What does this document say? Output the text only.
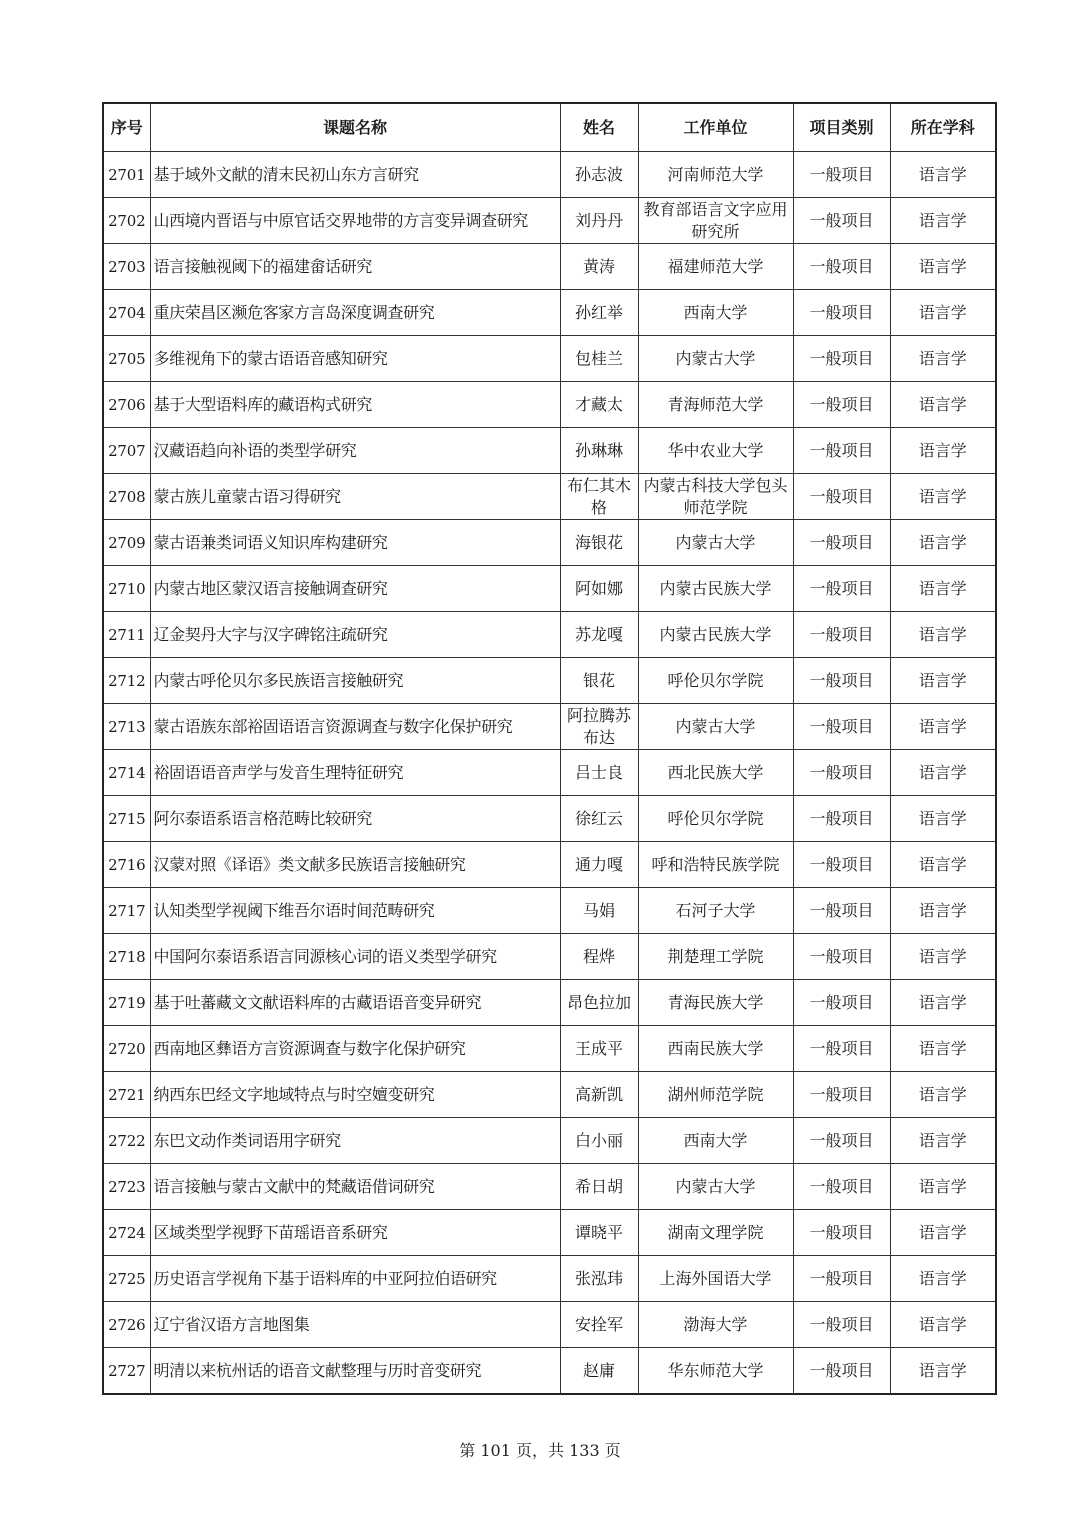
序号	课题名称	姓名	工作单位	项目类别	所在学科
2701	基于域外文献的清末民初山东方言研究	孙志波	河南师范大学	一般项目	语言学
2702	山西境内晋语与中原官话交界地带的方言变异调查研究	刘丹丹	教育部语言文字应用研究所	一般项目	语言学
2703	语言接触视阈下的福建畲话研究	黄涛	福建师范大学	一般项目	语言学
2704	重庆荣昌区濒危客家方言岛深度调查研究	孙红举	西南大学	一般项目	语言学
2705	多维视角下的蒙古语语音感知研究	包桂兰	内蒙古大学	一般项目	语言学
2706	基于大型语料库的藏语构式研究	才藏太	青海师范大学	一般项目	语言学
2707	汉藏语趋向补语的类型学研究	孙琳琳	华中农业大学	一般项目	语言学
2708	蒙古族儿童蒙古语习得研究	布仁其木格	内蒙古科技大学包头师范学院	一般项目	语言学
2709	蒙古语兼类词语义知识库构建研究	海银花	内蒙古大学	一般项目	语言学
2710	内蒙古地区蒙汉语言接触调查研究	阿如娜	内蒙古民族大学	一般项目	语言学
2711	辽金契丹大字与汉字碑铭注疏研究	苏龙嘎	内蒙古民族大学	一般项目	语言学
2712	内蒙古呼伦贝尔多民族语言接触研究	银花	呼伦贝尔学院	一般项目	语言学
2713	蒙古语族东部裕固语语言资源调查与数字化保护研究	阿拉腾苏布达	内蒙古大学	一般项目	语言学
2714	裕固语语音声学与发音生理特征研究	吕士良	西北民族大学	一般项目	语言学
2715	阿尔泰语系语言格范畴比较研究	徐红云	呼伦贝尔学院	一般项目	语言学
2716	汉蒙对照《译语》类文献多民族语言接触研究	通力嘎	呼和浩特民族学院	一般项目	语言学
2717	认知类型学视阈下维吾尔语时间范畴研究	马娟	石河子大学	一般项目	语言学
2718	中国阿尔泰语系语言同源核心词的语义类型学研究	程烨	荆楚理工学院	一般项目	语言学
2719	基于吐蕃藏文文献语料库的古藏语语音变异研究	昂色拉加	青海民族大学	一般项目	语言学
2720	西南地区彝语方言资源调查与数字化保护研究	王成平	西南民族大学	一般项目	语言学
2721	纳西东巴经文字地域特点与时空嬗变研究	高新凯	湖州师范学院	一般项目	语言学
2722	东巴文动作类词语用字研究	白小丽	西南大学	一般项目	语言学
2723	语言接触与蒙古文献中的梵藏语借词研究	希日胡	内蒙古大学	一般项目	语言学
2724	区域类型学视野下苗瑶语音系研究	谭晓平	湖南文理学院	一般项目	语言学
2725	历史语言学视角下基于语料库的中亚阿拉伯语研究	张泓玮	上海外国语大学	一般项目	语言学
2726	辽宁省汉语方言地图集	安拴军	渤海大学	一般项目	语言学
2727	明清以来杭州话的语音文献整理与历时音变研究	赵庸	华东师范大学	一般项目	语言学
第 101 页，共 133 页
